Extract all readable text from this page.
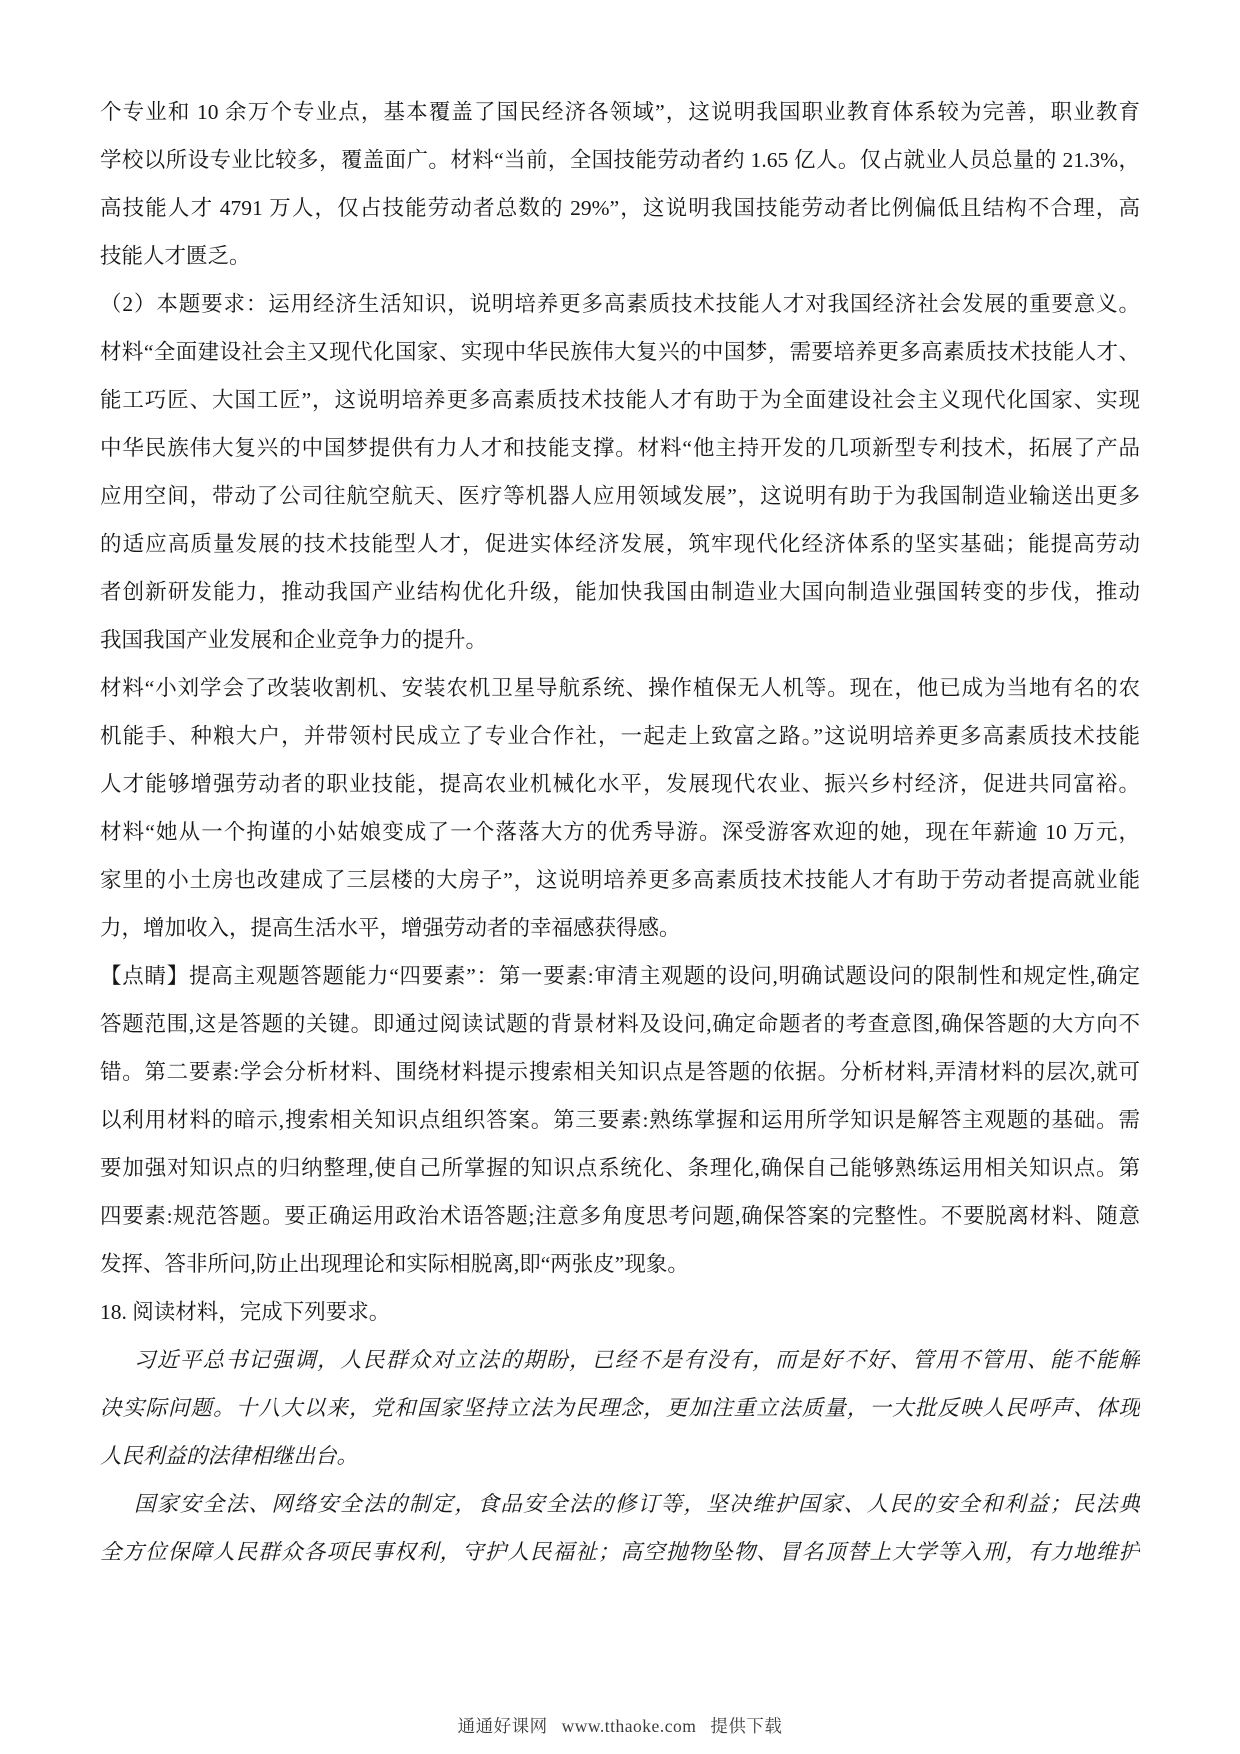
个专业和 10 余万个专业点，基本覆盖了国民经济各领域”，这说明我国职业教育体系较为完善，职业教育
学校以所设专业比较多，覆盖面广。材料“当前，全国技能劳动者约 1.65 亿人。仅占就业人员总量的 21.3%，
高技能人才 4791 万人，仅占技能劳动者总数的 29%”，这说明我国技能劳动者比例偏低且结构不合理，高
技能人才匮乏。
（2）本题要求：运用经济生活知识，说明培养更多高素质技术技能人才对我国经济社会发展的重要意义。
材料“全面建设社会主又现代化国家、实现中华民族伟大复兴的中国梦，需要培养更多高素质技术技能人才、
能工巧匠、大国工匠”，这说明培养更多高素质技术技能人才有助于为全面建设社会主义现代化国家、实现
中华民族伟大复兴的中国梦提供有力人才和技能支撑。材料“他主持开发的几项新型专利技术，拓展了产品
应用空间，带动了公司往航空航天、医疗等机器人应用领域发展”，这说明有助于为我国制造业输送出更多
的适应高质量发展的技术技能型人才，促进实体经济发展，筑牢现代化经济体系的坚实基础；能提高劳动
者创新研发能力，推动我国产业结构优化升级，能加快我国由制造业大国向制造业强国转变的步伐，推动
我国我国产业发展和企业竞争力的提升。
材料“小刘学会了改装收割机、安装农机卫星导航系统、操作植保无人机等。现在，他已成为当地有名的农
机能手、种粮大户，并带领村民成立了专业合作社，一起走上致富之路。”这说明培养更多高素质技术技能
人才能够增强劳动者的职业技能，提高农业机械化水平，发展现代农业、振兴乡村经济，促进共同富裕。
材料“她从一个拘谨的小姑娘变成了一个落落大方的优秀导游。深受游客欢迎的她，现在年薪逾 10 万元，
家里的小土房也改建成了三层楼的大房子”，这说明培养更多高素质技术技能人才有助于劳动者提高就业能
力，增加收入，提高生活水平，增强劳动者的幸福感获得感。
【点睛】提高主观题答题能力“四要素”：第一要素:审清主观题的设问,明确试题设问的限制性和规定性,确定
答题范围,这是答题的关键。即通过阅读试题的背景材料及设问,确定命题者的考查意图,确保答题的大方向不
错。第二要素:学会分析材料、围绕材料提示搜索相关知识点是答题的依据。分析材料,弄清材料的层次,就可
以利用材料的暗示,搜索相关知识点组织答案。第三要素:熟练掌握和运用所学知识是解答主观题的基础。需
要加强对知识点的归纳整理,使自己所掌握的知识点系统化、条理化,确保自己能够熟练运用相关知识点。第
四要素:规范答题。要正确运用政治术语答题;注意多角度思考问题,确保答案的完整性。不要脱离材料、随意
发挥、答非所问,防止出现理论和实际相脱离,即“两张皮”现象。
18. 阅读材料，完成下列要求。
习近平总书记强调，人民群众对立法的期盼，已经不是有没有，而是好不好、管用不管用、能不能解
决实际问题。十八大以来，党和国家坚持立法为民理念，更加注重立法质量，一大批反映人民呼声、体现
人民利益的法律相继出台。
国家安全法、网络安全法的制定，食品安全法的修订等，坚决维护国家、人民的安全和利益；民法典
全方位保障人民群众各项民事权利，守护人民福祉；高空抛物坠物、冒名顶替上大学等入刑，有力地维护
通通好课网 www.tthaoke.com 提供下载
